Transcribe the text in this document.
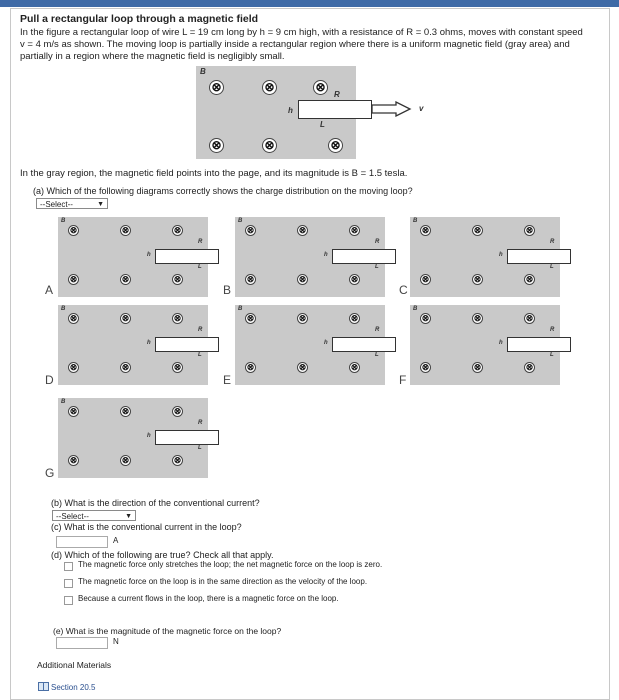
Pull a rectangular loop through a magnetic field
In the figure a rectangular loop of wire L = 19 cm long by h = 9 cm high, with a resistance of R = 0.3 ohms, moves with constant speed
v = 4 m/s as shown. The moving loop is partially inside a rectangular region where there is a uniform magnetic field (gray area) and
partially in a region where the magnetic field is negligibly small.
B
⊗	⊗	⊗
⊗	⊗	⊗
R
h
L
v
In the gray region, the magnetic field points into the page, and its magnitude is B = 1.5 tesla.
(a) Which of the following diagrams correctly shows the charge distribution on the moving loop?
--Select--	▼
B
⊗	⊗	⊗
⊗	⊗	⊗
R
h
L
A
B
⊗	⊗	⊗
⊗	⊗	⊗
R
h
L
B
B
⊗	⊗	⊗
⊗	⊗	⊗
R
h
L
C
B
⊗	⊗	⊗
⊗	⊗	⊗
R
h
L
D
B
⊗	⊗	⊗
⊗	⊗	⊗
R
h
L
E
B
⊗	⊗	⊗
⊗	⊗	⊗
R
h
L
F
B
⊗	⊗	⊗
⊗	⊗	⊗
R
h
L
G
(b) What is the direction of the conventional current?
--Select--	▼
(c) What is the conventional current in the loop?
A
(d) Which of the following are true? Check all that apply.
The magnetic force only stretches the loop; the net magnetic force on the loop is zero.
The magnetic force on the loop is in the same direction as the velocity of the loop.
Because a current flows in the loop, there is a magnetic force on the loop.
(e) What is the magnitude of the magnetic force on the loop?
N
Additional Materials
Section 20.5
